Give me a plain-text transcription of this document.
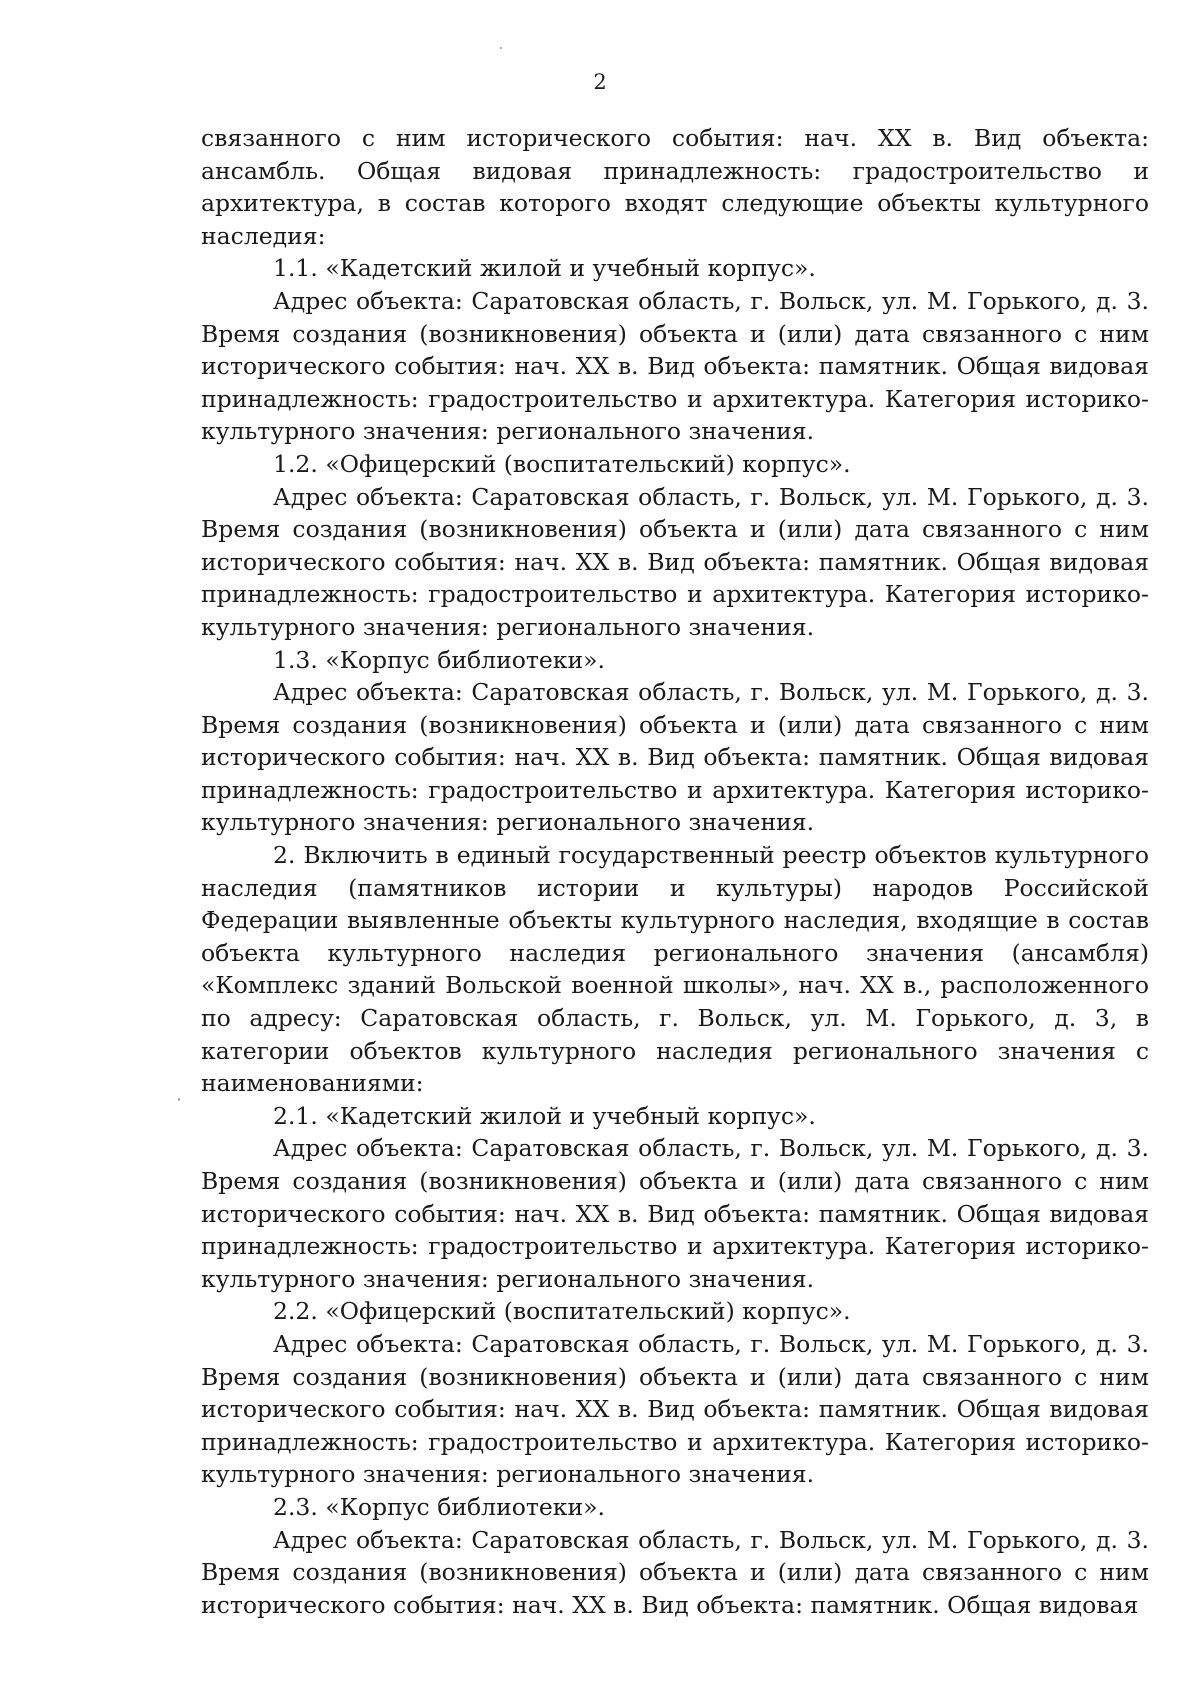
2

связанного с ним исторического события: нач. XX в. Вид объекта: ансамбль. Общая видовая принадлежность: градостроительство и архитектура, в состав которого входят следующие объекты культурного наследия:

1.1. «Кадетский жилой и учебный корпус».

Адрес объекта: Саратовская область, г. Вольск, ул. М. Горького, д. 3. Время создания (возникновения) объекта и (или) дата связанного с ним исторического события: нач. XX в. Вид объекта: памятник. Общая видовая принадлежность: градостроительство и архитектура. Категория историко-культурного значения: регионального значения.

1.2. «Офицерский (воспитательский) корпус».

Адрес объекта: Саратовская область, г. Вольск, ул. М. Горького, д. 3. Время создания (возникновения) объекта и (или) дата связанного с ним исторического события: нач. XX в. Вид объекта: памятник. Общая видовая принадлежность: градостроительство и архитектура. Категория историко-культурного значения: регионального значения.

1.3. «Корпус библиотеки».

Адрес объекта: Саратовская область, г. Вольск, ул. М. Горького, д. 3. Время создания (возникновения) объекта и (или) дата связанного с ним исторического события: нач. XX в. Вид объекта: памятник. Общая видовая принадлежность: градостроительство и архитектура. Категория историко-культурного значения: регионального значения.

2. Включить в единый государственный реестр объектов культурного наследия (памятников истории и культуры) народов Российской Федерации выявленные объекты культурного наследия, входящие в состав объекта культурного наследия регионального значения (ансамбля) «Комплекс зданий Вольской военной школы», нач. XX в., расположенного по адресу: Саратовская область, г. Вольск, ул. М. Горького, д. 3, в категории объектов культурного наследия регионального значения с наименованиями:

2.1. «Кадетский жилой и учебный корпус».

Адрес объекта: Саратовская область, г. Вольск, ул. М. Горького, д. 3. Время создания (возникновения) объекта и (или) дата связанного с ним исторического события: нач. XX в. Вид объекта: памятник. Общая видовая принадлежность: градостроительство и архитектура. Категория историко-культурного значения: регионального значения.

2.2. «Офицерский (воспитательский) корпус».

Адрес объекта: Саратовская область, г. Вольск, ул. М. Горького, д. 3. Время создания (возникновения) объекта и (или) дата связанного с ним исторического события: нач. XX в. Вид объекта: памятник. Общая видовая принадлежность: градостроительство и архитектура. Категория историко-культурного значения: регионального значения.

2.3. «Корпус библиотеки».

Адрес объекта: Саратовская область, г. Вольск, ул. М. Горького, д. 3. Время создания (возникновения) объекта и (или) дата связанного с ним исторического события: нач. XX в. Вид объекта: памятник. Общая видовая
